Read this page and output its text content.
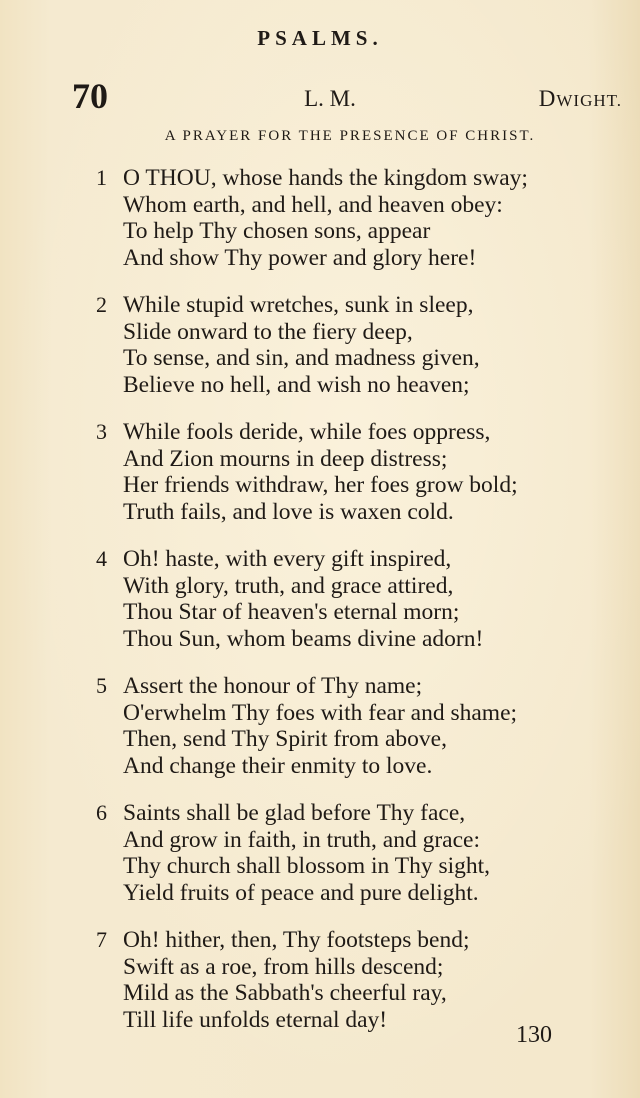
PSALMS.
70	L. M.	DWIGHT.
A PRAYER FOR THE PRESENCE OF CHRIST.
1 O THOU, whose hands the kingdom sway;
Whom earth, and hell, and heaven obey:
To help Thy chosen sons, appear
And show Thy power and glory here!
2 While stupid wretches, sunk in sleep,
Slide onward to the fiery deep,
To sense, and sin, and madness given,
Believe no hell, and wish no heaven;
3 While fools deride, while foes oppress,
And Zion mourns in deep distress;
Her friends withdraw, her foes grow bold;
Truth fails, and love is waxen cold.
4 Oh! haste, with every gift inspired,
With glory, truth, and grace attired,
Thou Star of heaven's eternal morn;
Thou Sun, whom beams divine adorn!
5 Assert the honour of Thy name;
O'erwhelm Thy foes with fear and shame;
Then, send Thy Spirit from above,
And change their enmity to love.
6 Saints shall be glad before Thy face,
And grow in faith, in truth, and grace:
Thy church shall blossom in Thy sight,
Yield fruits of peace and pure delight.
7 Oh! hither, then, Thy footsteps bend;
Swift as a roe, from hills descend;
Mild as the Sabbath's cheerful ray,
Till life unfolds eternal day!
130
